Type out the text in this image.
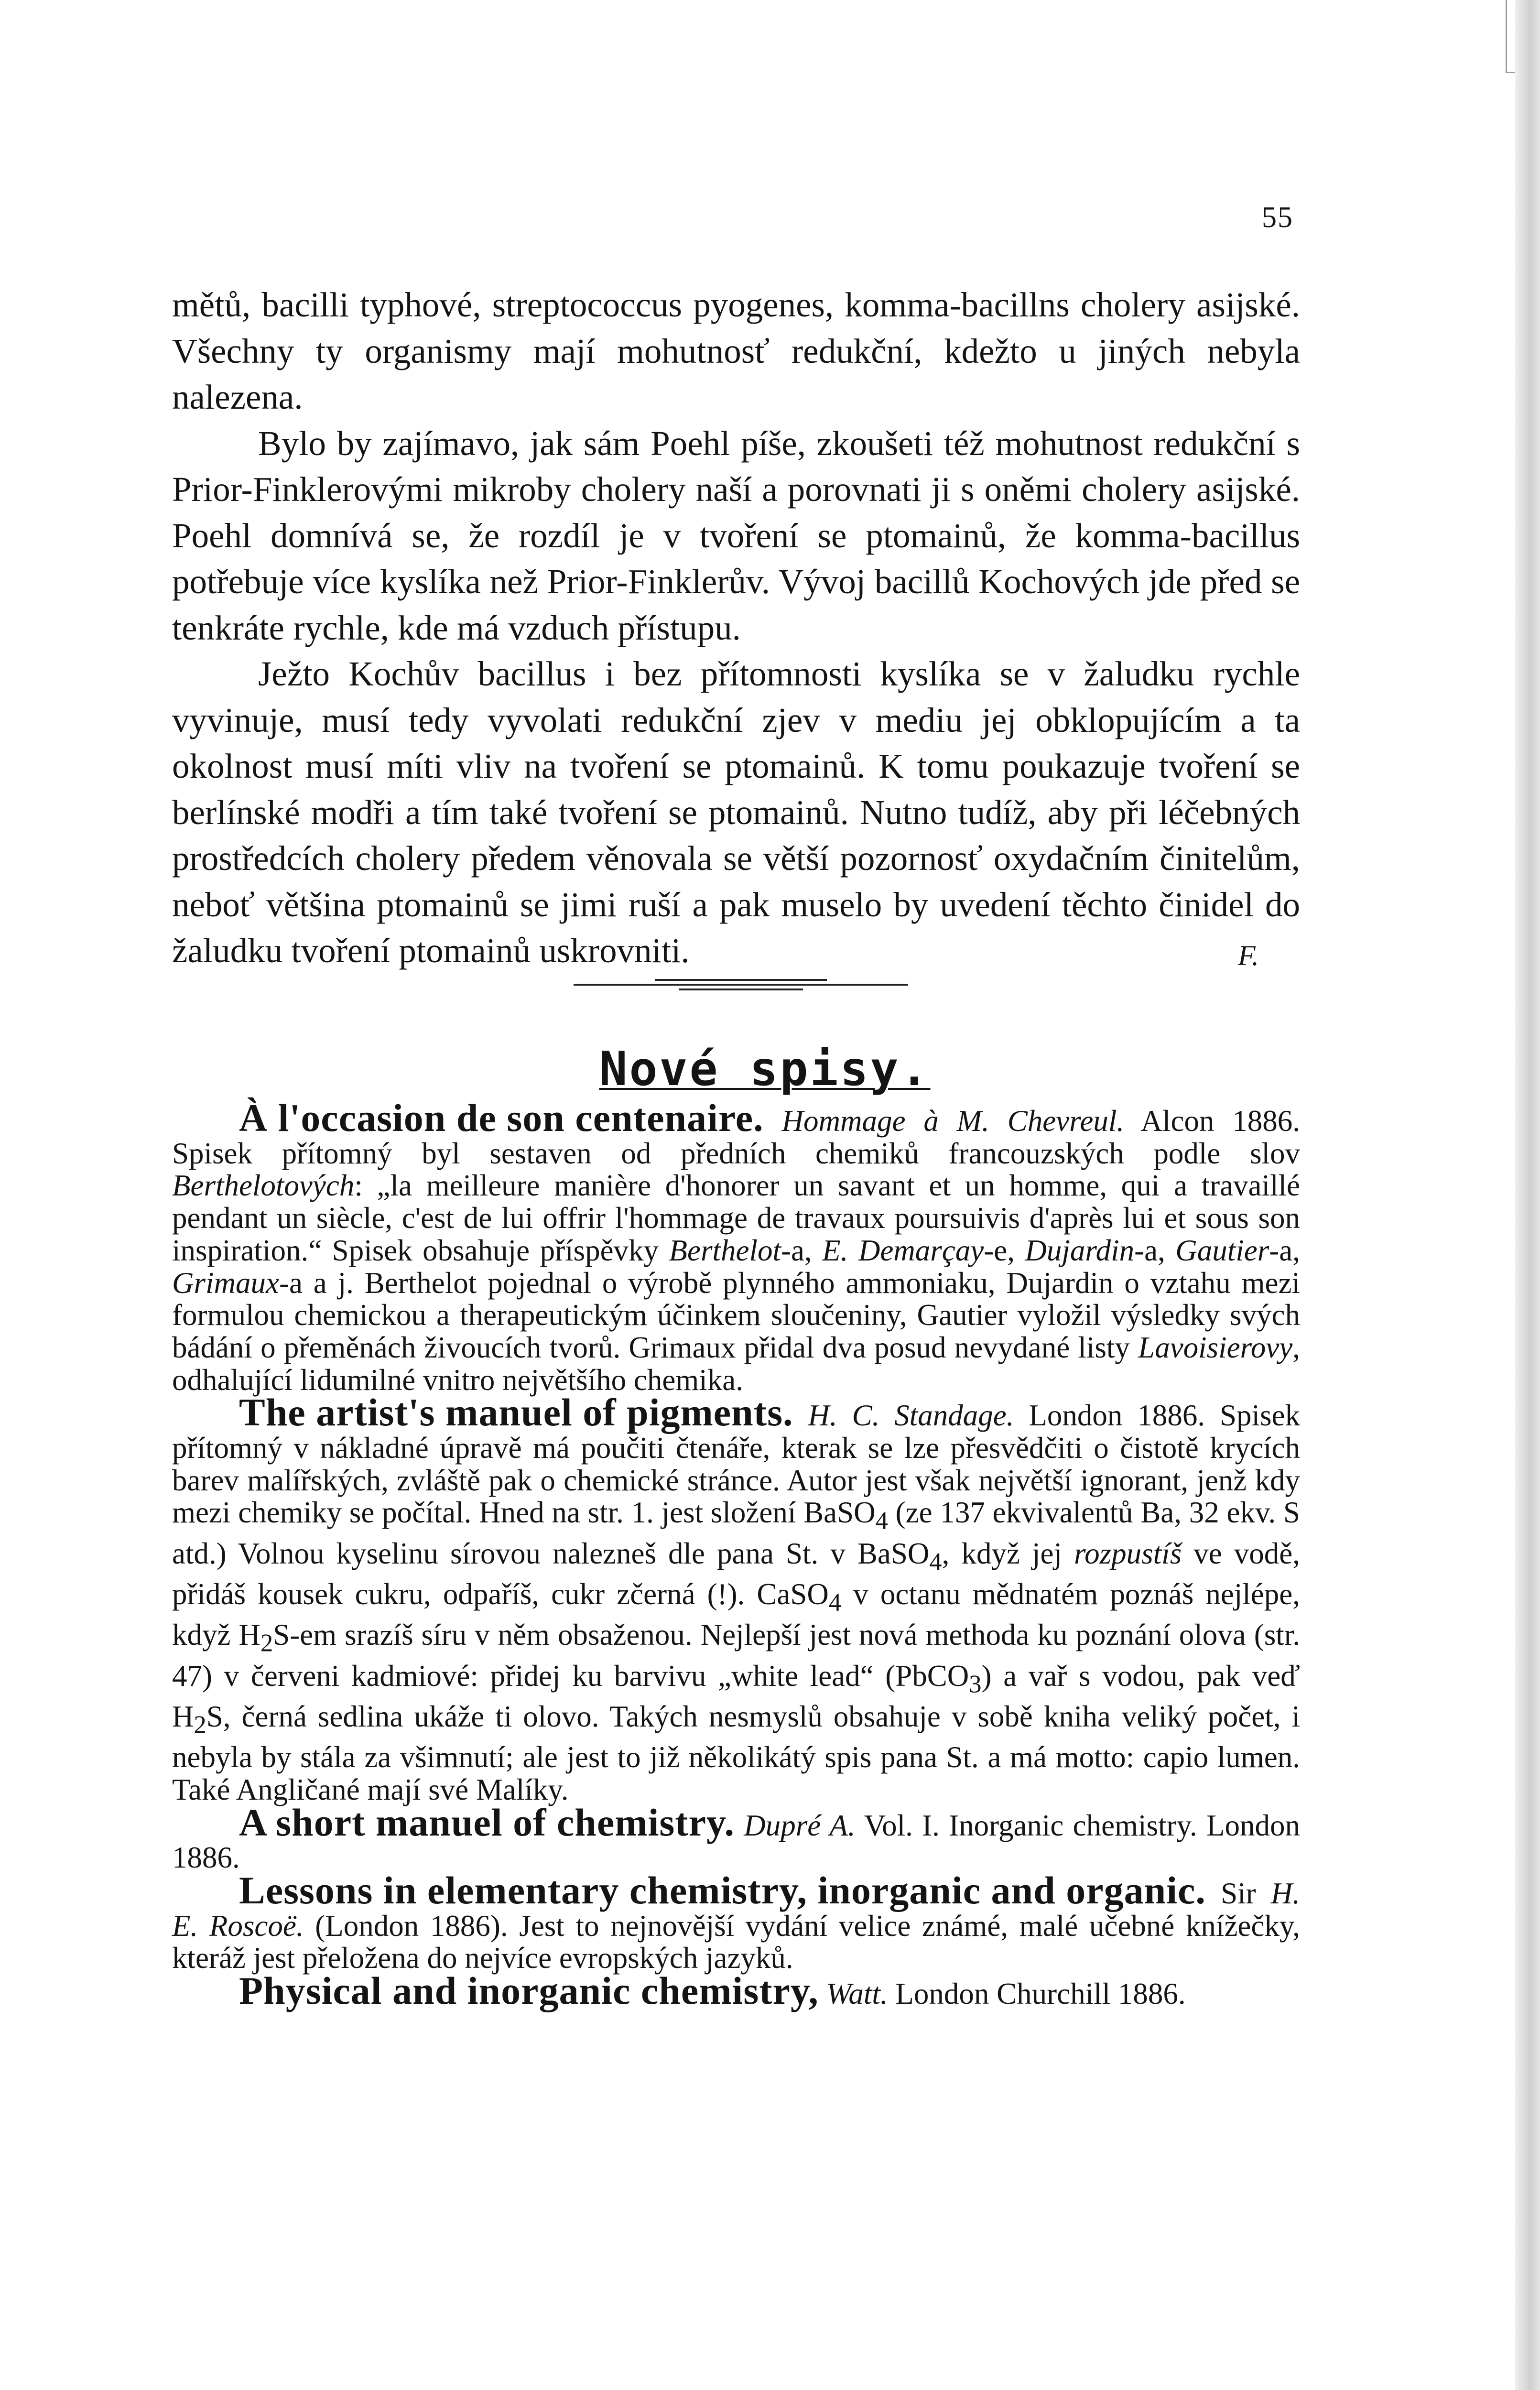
55

mětů, bacilli typhové, streptococcus pyogenes, komma-bacillns cholery asijské. Všechny ty organismy mají mohutnosť redukční, kdežto u jiných nebyla nalezena.

Bylo by zajímavo, jak sám Poehl píše, zkoušeti též mohutnost redukční s Prior-Finklerovými mikroby cholery naší a porovnati ji s oněmi cholery asijské. Poehl domnívá se, že rozdíl je v tvoření se ptomainů, že komma-bacillus potřebuje více kyslíka než Prior-Finklerův. Vývoj bacillů Kochových jde před se tenkráte rychle, kde má vzduch přístupu.

Ježto Kochův bacillus i bez přítomnosti kyslíka se v žaludku rychle vyvinuje, musí tedy vyvolati redukční zjev v mediu jej obklopujícím a ta okolnost musí míti vliv na tvoření se ptomainů. K tomu poukazuje tvoření se berlínské modři a tím také tvoření se ptomainů. Nutno tudíž, aby při léčebných prostředcích cholery předem věnovala se větší pozornosť oxydačním činitelům, neboť většina ptomainů se jimi ruší a pak muselo by uvedení těchto činidel do žaludku tvoření ptomainů uskrovniti.	F.
Nové spisy.

À l'occasion de son centenaire. Hommage à M. Chevreul. Alcon 1886. Spisek přítomný byl sestaven od předních chemiků francouzských podle slov Berthelotových: „la meilleure manière d'honorer un savant et un homme, qui a travaillé pendant un siècle, c'est de lui offrir l'hommage de travaux poursuivis d'après lui et sous son inspiration.“ Spisek obsahuje příspěvky Berthelot-a, E. Demarçay-e, Dujardin-a, Gautier-a, Grimaux-a a j. Berthelot pojednal o výrobě plynného ammoniaku, Dujardin o vztahu mezi formulou chemickou a therapeutickým účinkem sloučeniny, Gautier vyložil výsledky svých bádání o přeměnách živoucích tvorů. Grimaux přidal dva posud nevydané listy Lavoisierovy, odhalující lidumilné vnitro největšího chemika.

The artist's manuel of pigments. H. C. Standage. London 1886. Spisek přítomný v nákladné úpravě má poučiti čtenáře, kterak se lze přesvědčiti o čistotě krycích barev malířských, zvláště pak o chemické stránce. Autor jest však největší ignorant, jenž kdy mezi chemiky se počítal. Hned na str. 1. jest složení BaSO$_4$ (ze 137 ekvivalentů Ba, 32 ekv. S atd.) Volnou kyselinu sírovou nalezneš dle pana St. v BaSO$_4$, když jej rozpustíš ve vodě, přidáš kousek cukru, odpaříš, cukr zčerná (!). CaSO$_4$ v octanu mědnatém poznáš nejlépe, když $H_2S-em$ srazíš síru v něm obsaženou. Nejlepší jest nová methoda ku poznání olova (str. 47) v červeni kadmiové: přidej ku barvivu „white lead“ (PbCO$_3$) a vař s vodou, pak veď $H_2S$, černá sedlina ukáže ti olovo. Takých nesmyslů obsahuje v sobě kniha veliký počet, i nebyla by stála za všimnutí; ale jest to již několikátý spis pana St. a má motto: capio lumen. Také Angličané mají své Malíky.

A short manuel of chemistry. Dupré A. Vol. I. Inorganic chemistry. London 1886.

Lessons in elementary chemistry, inorganic and organic. Sir H. E. Roscoë. (London 1886). Jest to nejnovější vydání velice známé, malé učebné knížečky, kteráž jest přeložena do nejvíce evropských jazyků.

Physical and inorganic chemistry, Watt. London Churchill 1886.
